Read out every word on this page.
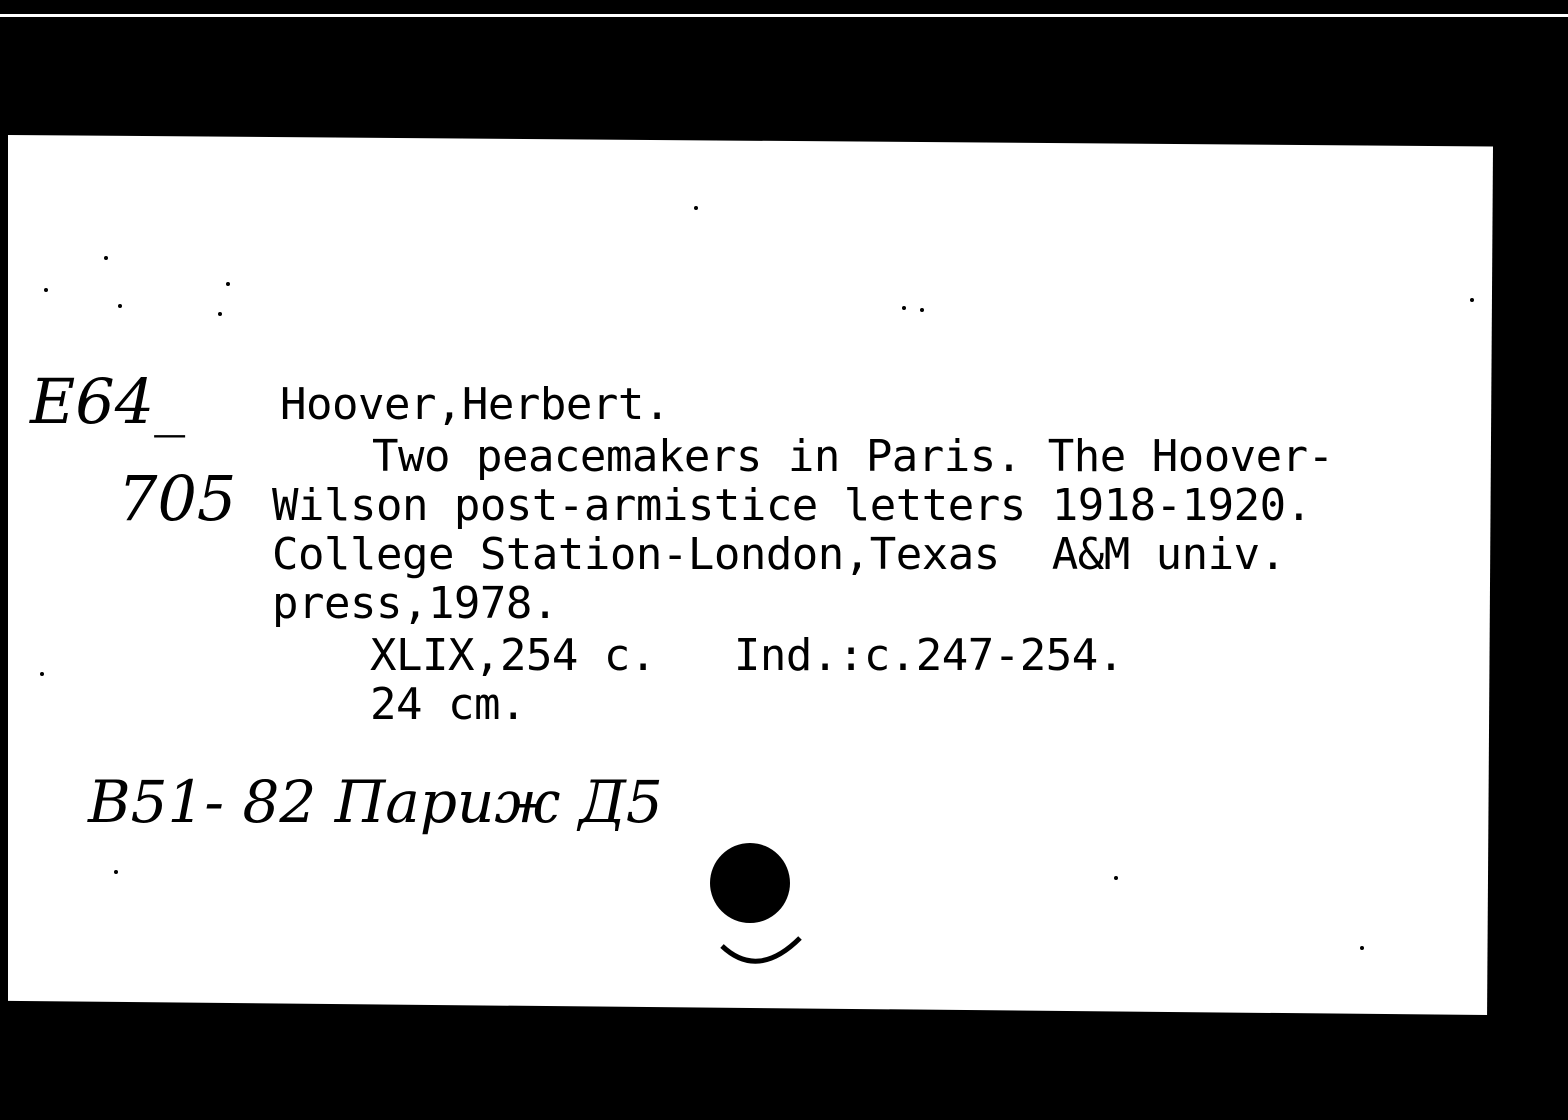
E64_
705
Hoover,Herbert.
Two peacemakers in Paris. The Hoover-
Wilson post-armistice letters 1918-1920.
College Station-London,Texas  A&M univ.
press,1978.
XLIX,254 c.   Ind.:c.247-254.
24 cm.
B51- 82 Париж Д5
